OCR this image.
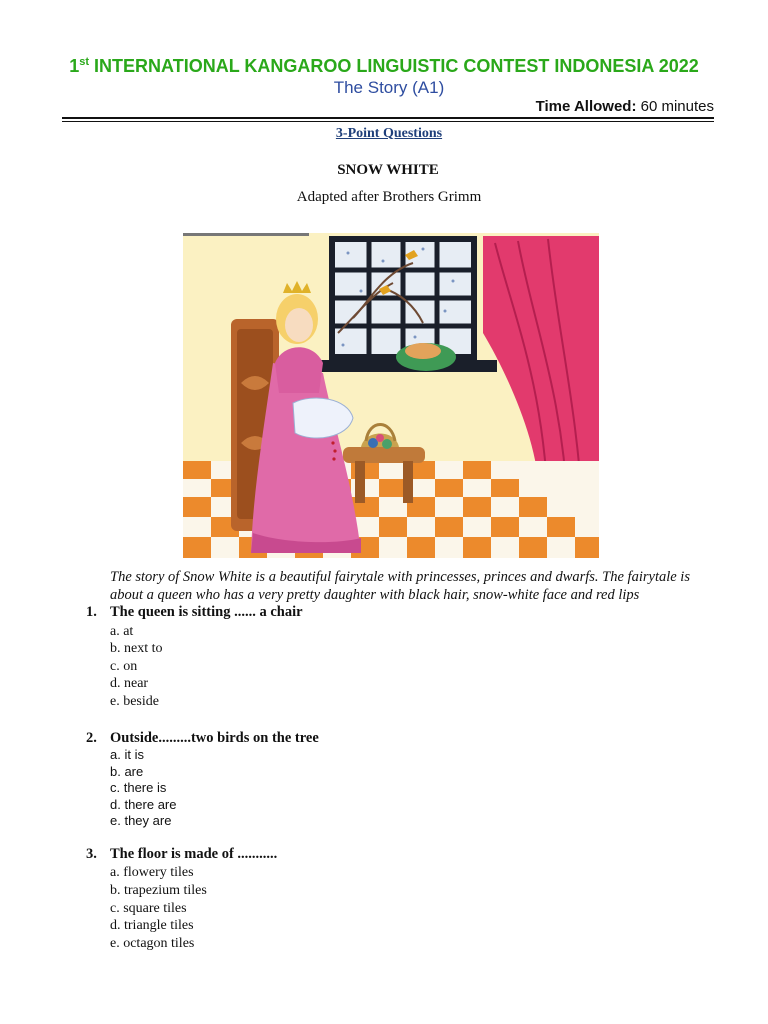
1st INTERNATIONAL KANGAROO LINGUISTIC CONTEST INDONESIA 2022
The Story (A1)
Time Allowed: 60 minutes
3-Point Questions
SNOW WHITE
Adapted after Brothers Grimm
The story of Snow White is a beautiful fairytale with princesses, princes and dwarfs. The fairytale is about a queen who has a very pretty daughter with black hair, snow-white face and red lips
1. The queen is sitting ...... a chair
a. at
b. next to
c. on
d. near
e. beside
2. Outside.........two birds on the tree
a. it is
b. are
c. there is
d. there are
e. they are
3. The floor is made of ...........
a. flowery tiles
b. trapezium tiles
c. square tiles
d. triangle tiles
e. octagon tiles
